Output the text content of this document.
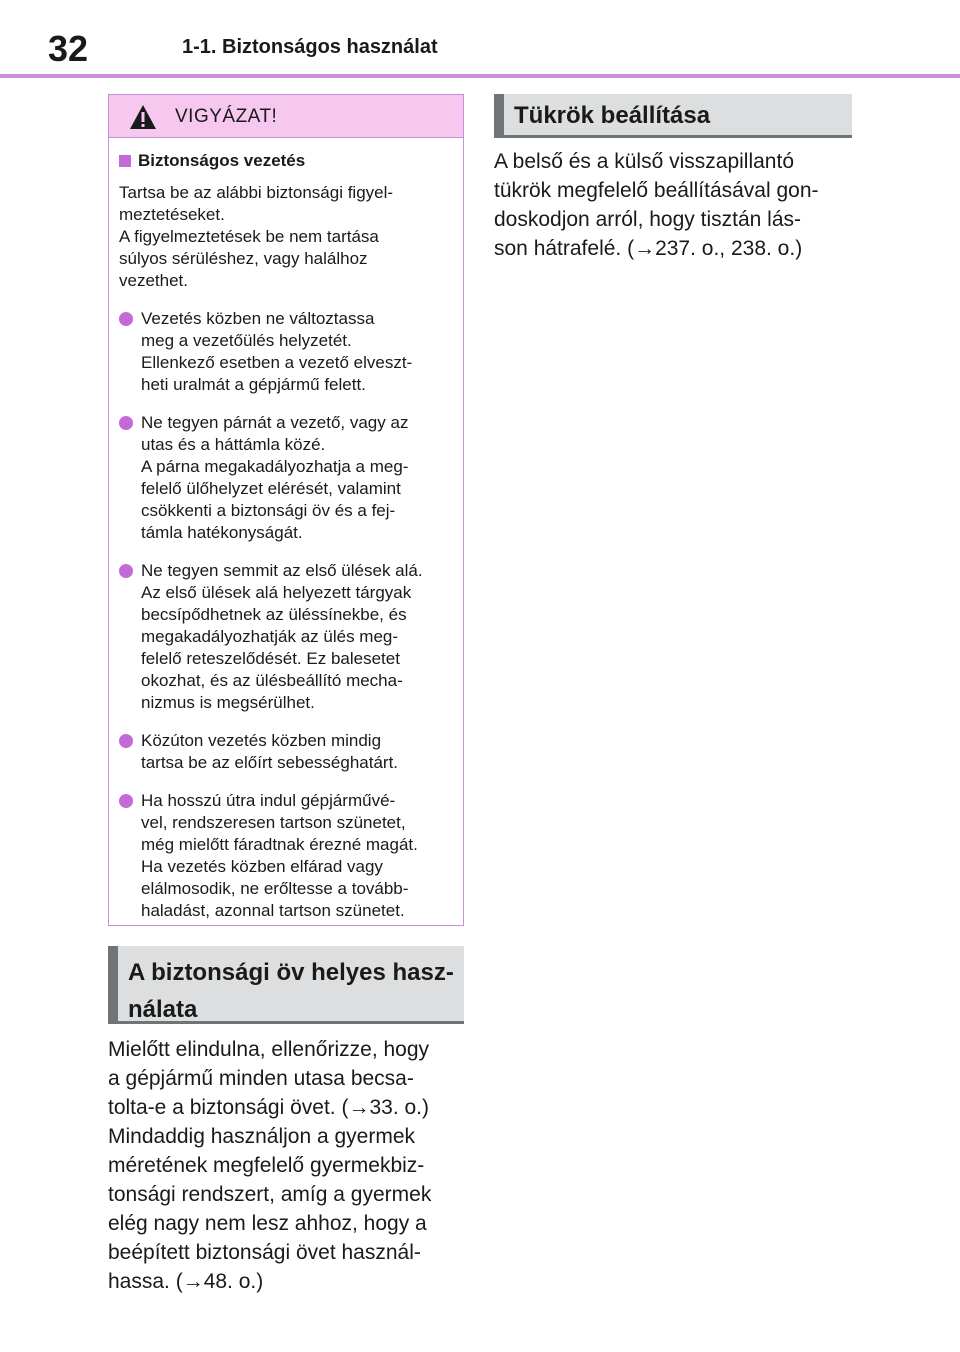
32	1-1. Biztonságos használat
VIGYÁZAT!
Biztonságos vezetés
Tartsa be az alábbi biztonsági figyel-
meztetéseket.
A figyelmeztetések be nem tartása
súlyos sérüléshez, vagy halálhoz
vezethet.
Vezetés közben ne változtassa
meg a vezetőülés helyzetét.
Ellenkező esetben a vezető elveszt-
heti uralmát a gépjármű felett.
Ne tegyen párnát a vezető, vagy az
utas és a háttámla közé.
A párna megakadályozhatja a meg-
felelő ülőhelyzet elérését, valamint
csökkenti a biztonsági öv és a fej-
támla hatékonyságát.
Ne tegyen semmit az első ülések alá.
Az első ülések alá helyezett tárgyak
becsípődhetnek az üléssínekbe, és
megakadályozhatják az ülés meg-
felelő reteszelődését. Ez balesetet
okozhat, és az ülésbeállító mecha-
nizmus is megsérülhet.
Közúton vezetés közben mindig
tartsa be az előírt sebességhatárt.
Ha hosszú útra indul gépjárművé-
vel, rendszeresen tartson szünetet,
még mielőtt fáradtnak érezné magát.
Ha vezetés közben elfárad vagy
elálmosodik, ne erőltesse a tovább-
haladást, azonnal tartson szünetet.
A biztonsági öv helyes hasz-
nálata
Mielőtt elindulna, ellenőrizze, hogy
a gépjármű minden utasa becsa-
tolta-e a biztonsági övet. (→33. o.)
Mindaddig használjon a gyermek
méretének megfelelő gyermekbiz-
tonsági rendszert, amíg a gyermek
elég nagy nem lesz ahhoz, hogy a
beépített biztonsági övet használ-
hassa. (→48. o.)
Tükrök beállítása
A belső és a külső visszapillantó
tükrök megfelelő beállításával gon-
doskodjon arról, hogy tisztán lás-
son hátrafelé. (→237. o., 238. o.)
